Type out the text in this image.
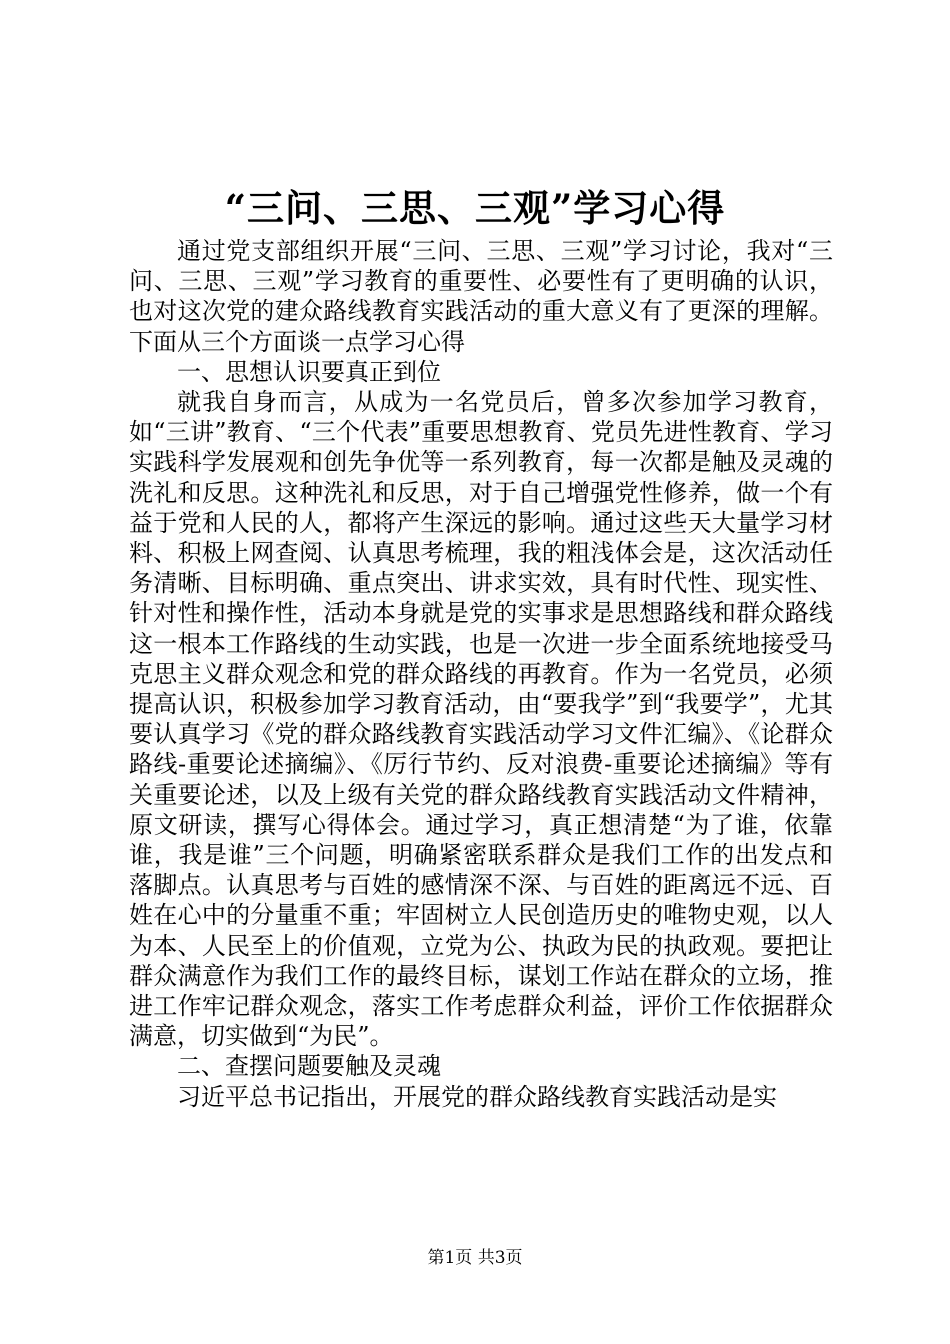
“三问、三思、三观”学习心得

通过党支部组织开展“三问、三思、三观”学习讨论，我对“三问、三思、三观”学习教育的重要性、必要性有了更明确的认识，也对这次党的建众路线教育实践活动的重大意义有了更深的理解。下面从三个方面谈一点学习心得

一、思想认识要真正到位

就我自身而言，从成为一名党员后，曾多次参加学习教育，如“三讲”教育、“三个代表”重要思想教育、党员先进性教育、学习实践科学发展观和创先争优等一系列教育，每一次都是触及灵魂的洗礼和反思。这种洗礼和反思，对于自己增强党性修养，做一个有益于党和人民的人，都将产生深远的影响。通过这些天大量学习材料、积极上网查阅、认真思考梳理，我的粗浅体会是，这次活动任务清晰、目标明确、重点突出、讲求实效，具有时代性、现实性、针对性和操作性，活动本身就是党的实事求是思想路线和群众路线这一根本工作路线的生动实践，也是一次进一步全面系统地接受马克思主义群众观念和党的群众路线的再教育。作为一名党员，必须提高认识，积极参加学习教育活动，由“要我学”到“我要学”，尤其要认真学习《党的群众路线教育实践活动学习文件汇编》、《论群众路线-重要论述摘编》、《厉行节约、反对浪费-重要论述摘编》等有关重要论述，以及上级有关党的群众路线教育实践活动文件精神，原文研读，撰写心得体会。通过学习，真正想清楚“为了谁，依靠谁，我是谁”三个问题，明确紧密联系群众是我们工作的出发点和落脚点。认真思考与百姓的感情深不深、与百姓的距离远不远、百姓在心中的分量重不重；牢固树立人民创造历史的唯物史观，以人为本、人民至上的价值观，立党为公、执政为民的执政观。要把让群众满意作为我们工作的最终目标，谋划工作站在群众的立场，推进工作牢记群众观念，落实工作考虑群众利益，评价工作依据群众满意，切实做到“为民”。

二、查摆问题要触及灵魂

习近平总书记指出，开展党的群众路线教育实践活动是实

第1页 共3页
